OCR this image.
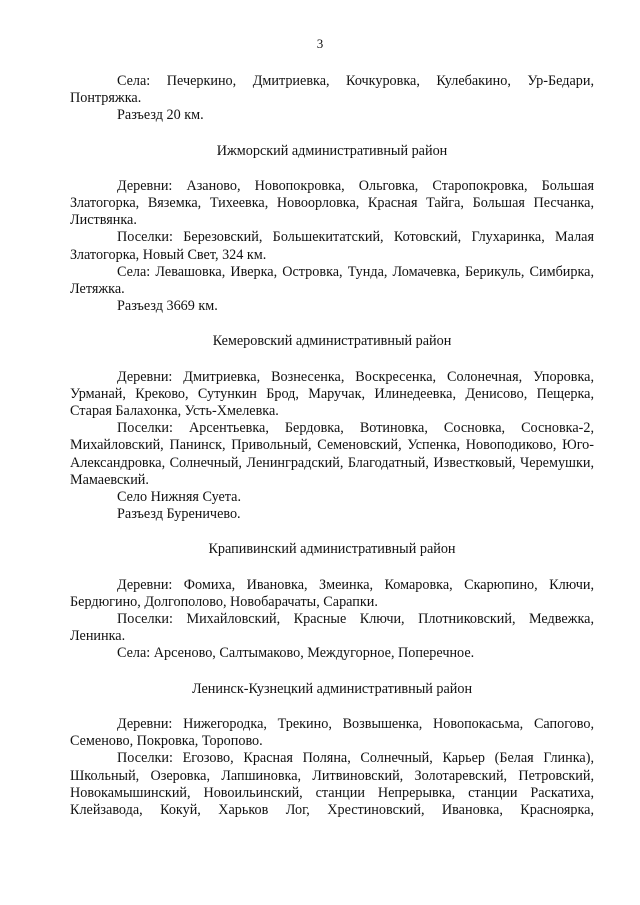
3

Села: Печеркино, Дмитриевка, Кочкуровка, Кулебакино, Ур-Бедари, Понтряжка.

Разъезд 20 км.

Ижморский административный район

Деревни: Азаново, Новопокровка, Ольговка, Старопокровка, Большая Златогорка, Вяземка, Тихеевка, Новоорловка, Красная Тайга, Большая Песчанка, Листвянка.

Поселки: Березовский, Большекитатский, Котовский, Глухаринка, Малая Златогорка, Новый Свет, 324 км.

Села: Левашовка, Иверка, Островка, Тунда, Ломачевка, Берикуль, Симбирка, Летяжка.

Разъезд 3669 км.

Кемеровский административный район

Деревни: Дмитриевка, Вознесенка, Воскресенка, Солонечная, Упоровка, Урманай, Креково, Сутункин Брод, Маручак, Илинедеевка, Денисово, Пещерка, Старая Балахонка, Усть-Хмелевка.

Поселки: Арсентьевка, Бердовка, Вотиновка, Сосновка, Сосновка-2, Михайловский, Панинск, Привольный, Семеновский, Успенка, Новоподиково, Юго-Александровка, Солнечный, Ленинградский, Благодатный, Известковый, Черемушки, Мамаевский.

Село Нижняя Суета.

Разъезд Буреничево.

Крапивинский административный район

Деревни: Фомиха, Ивановка, Змеинка, Комаровка, Скарюпино, Ключи, Бердюгино, Долгополово, Новобарачаты, Сарапки.

Поселки: Михайловский, Красные Ключи, Плотниковский, Медвежка, Ленинка.

Села: Арсеново, Салтымаково, Междугорное, Поперечное.

Ленинск-Кузнецкий административный район

Деревни: Нижегородка, Трекино, Возвышенка, Новопокасьма, Сапогово, Семеново, Покровка, Торопово.

Поселки: Егозово, Красная Поляна, Солнечный, Карьер (Белая Глинка), Школьный, Озеровка, Лапшиновка, Литвиновский, Золотаревский, Петровский, Новокамышинский, Новоильинский, станции Непрерывка, станции Раскатиха, Клейзавода, Кокуй, Харьков Лог, Хрестиновский, Ивановка, Красноярка,
